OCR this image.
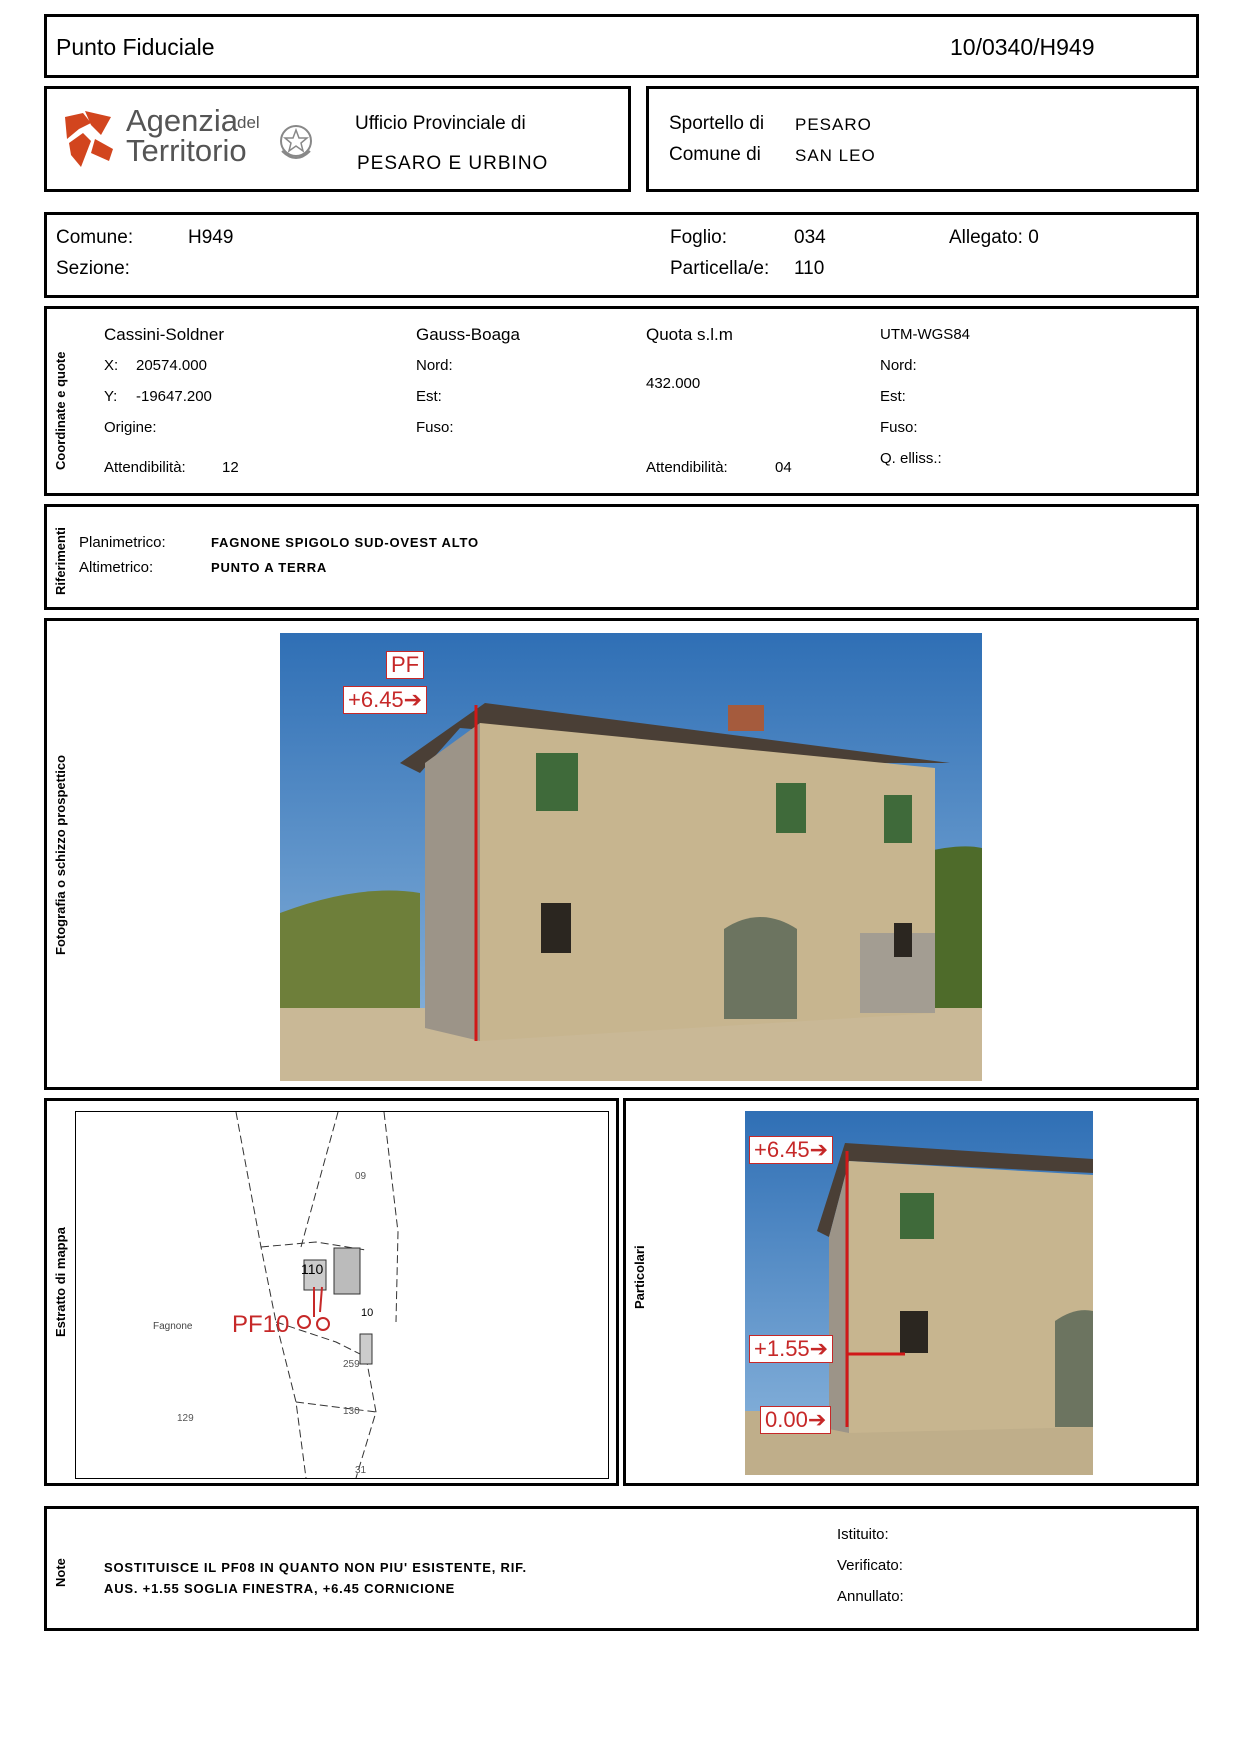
Punto Fiduciale	10/0340/H949
Agenzia
del
Territorio
Ufficio Provinciale di
PESARO E URBINO
Sportello di PESARO
Comune di SAN LEO
Comune:	H949
Sezione:
Foglio:	034	Allegato: 0
Particella/e: 110
Coordinate e quote
Cassini-Soldner
X: 20574.000
Y: -19647.200
Origine:
Attendibilità: 12
Gauss-Boaga
Nord:
Est:
Fuso:
Quota s.l.m
432.000
Attendibilità:	04
UTM-WGS84
Nord:
Est:
Fuso:
Q. elliss.:
Riferimenti Planimetrico:	FAGNONE SPIGOLO SUD-OVEST ALTO
Altimetrico:	PUNTO A TERRA
Fotografia o schizzo prospettico
PF
+6.45➔
Estratto di mappa	PF10
Fagnone
09
110
10
259
130
129
31
Particolari
+6.45➔
+1.55➔
0.00➔
Note	SOSTITUISCE IL PF08 IN QUANTO NON PIU' ESISTENTE, RIF.
AUS. +1.55 SOGLIA FINESTRA, +6.45 CORNICIONE
Istituito:
Verificato:
Annullato:
